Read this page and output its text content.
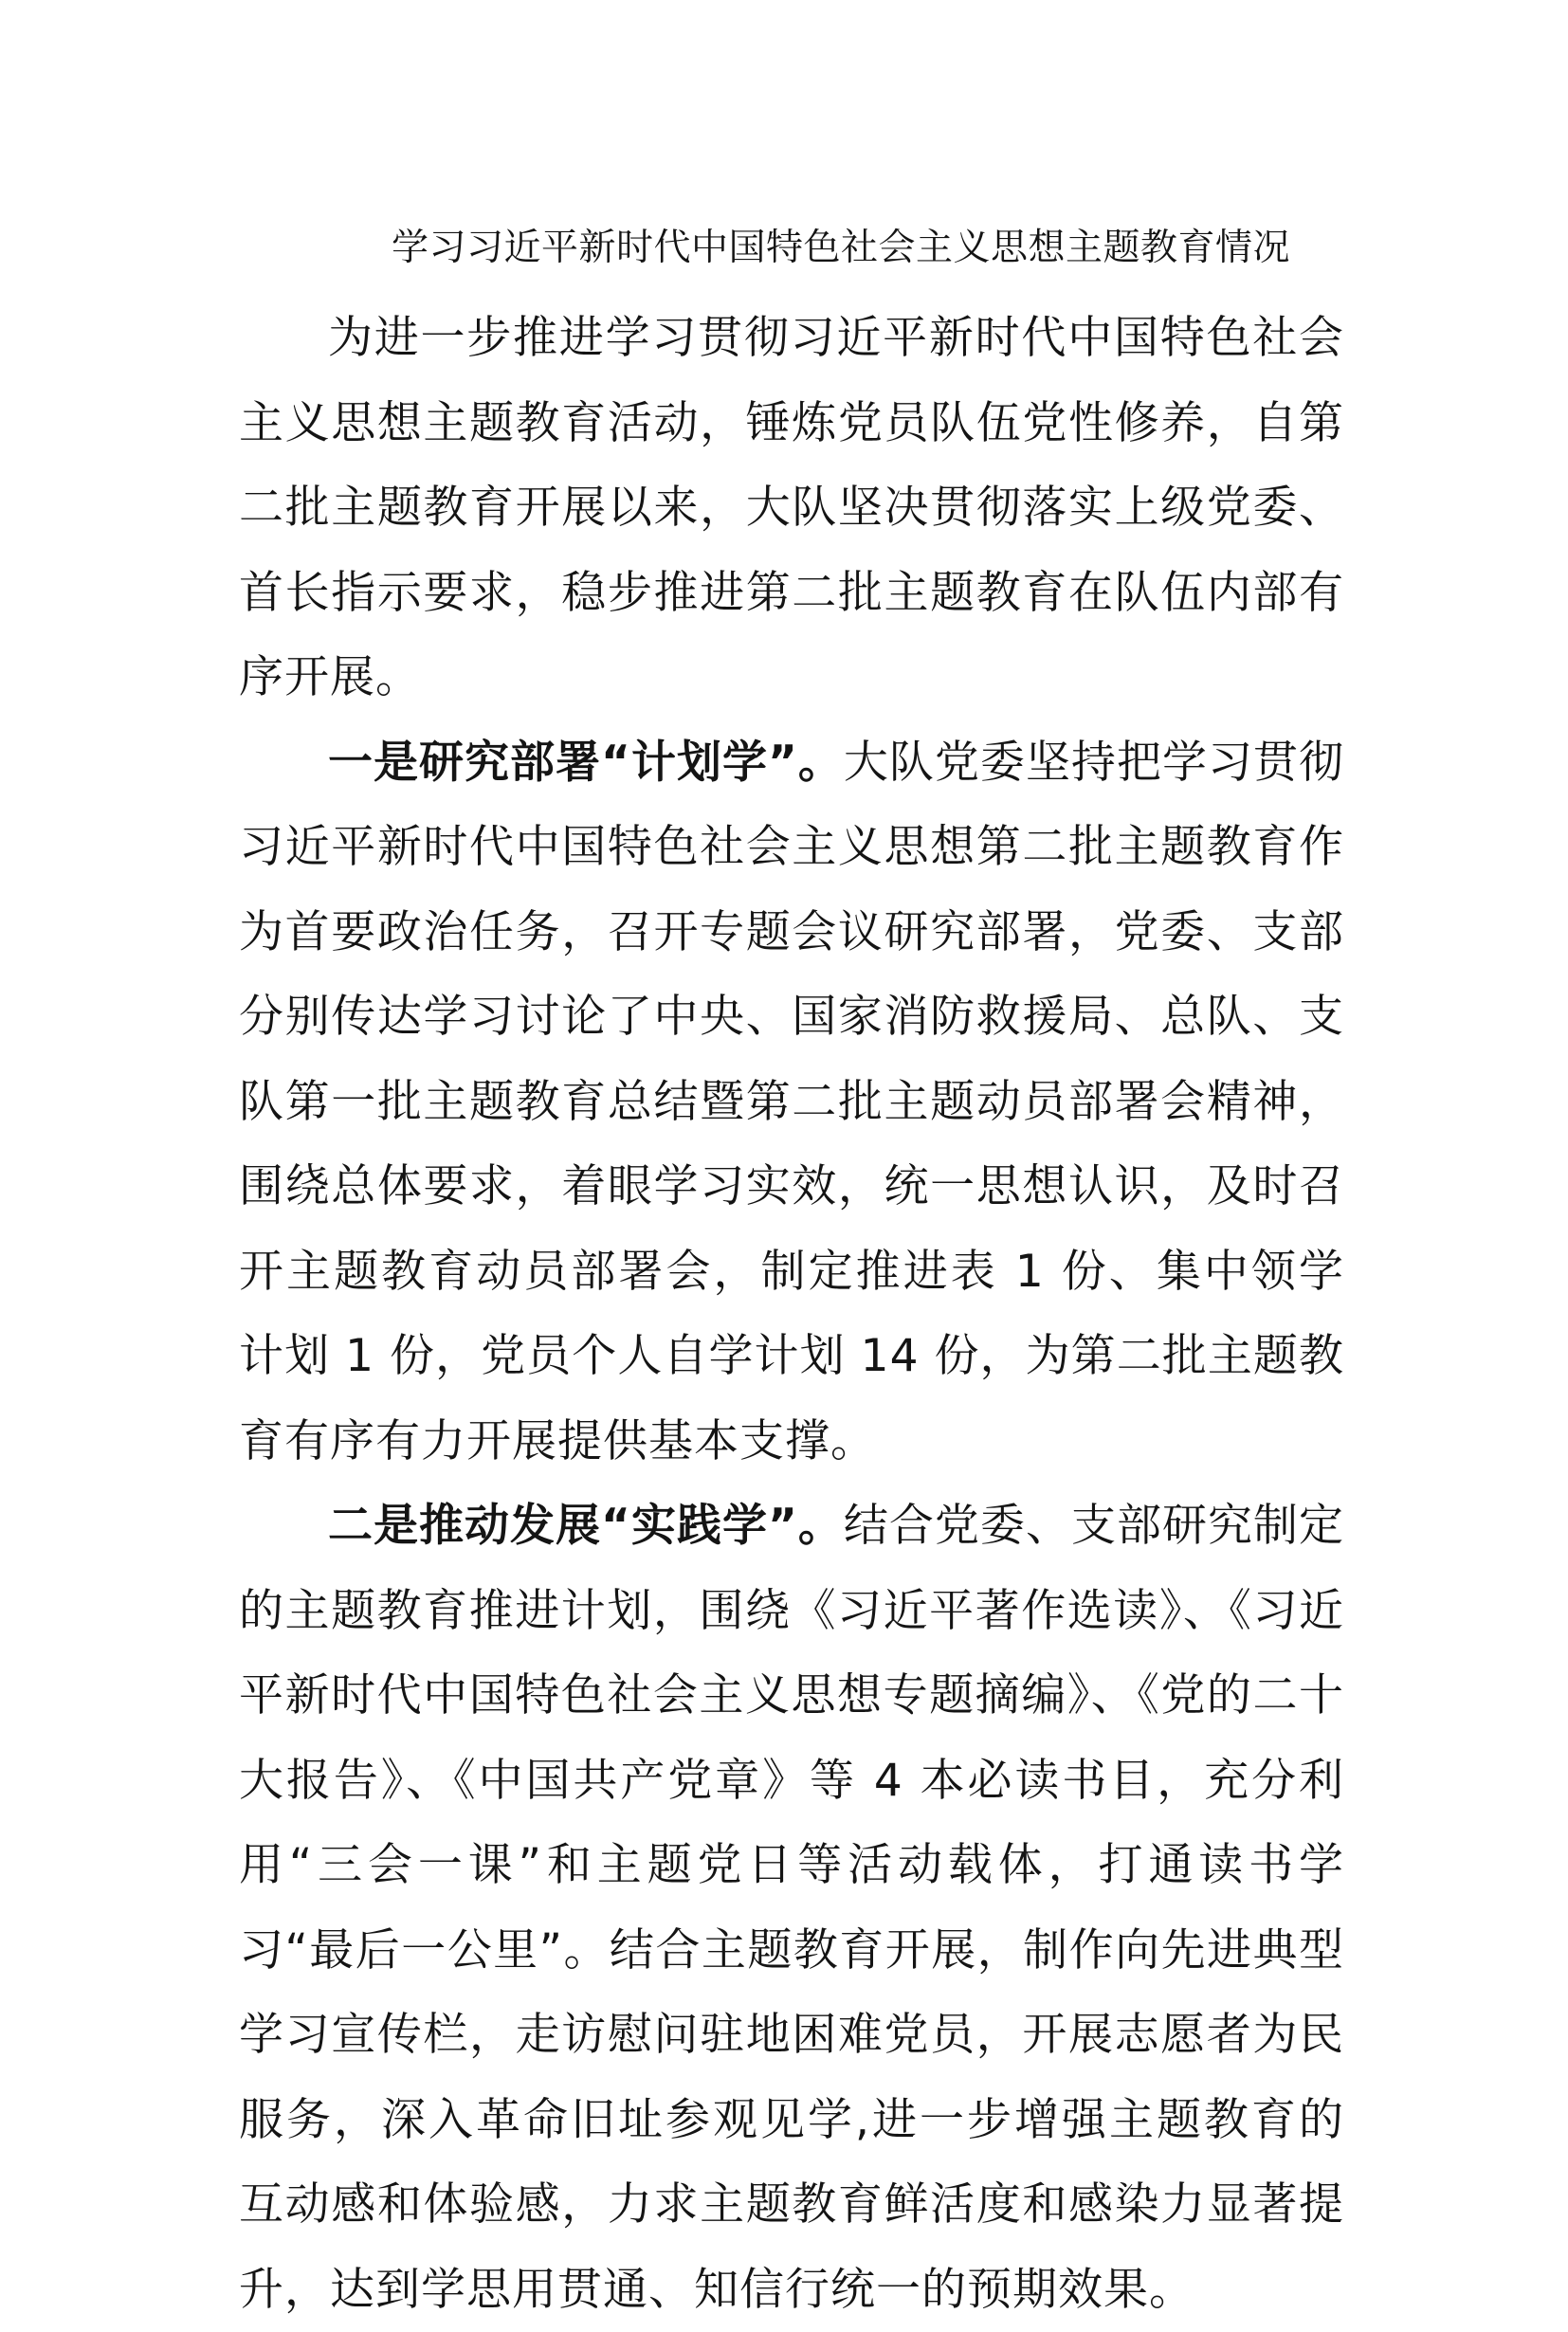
学习习近平新时代中国特色社会主义思想主题教育情况

为进一步推进学习贯彻习近平新时代中国特色社会主义思想主题教育活动，锤炼党员队伍党性修养，自第二批主题教育开展以来，大队坚决贯彻落实上级党委、首长指示要求，稳步推进第二批主题教育在队伍内部有序开展。

一是研究部署“计划学”。大队党委坚持把学习贯彻习近平新时代中国特色社会主义思想第二批主题教育作为首要政治任务，召开专题会议研究部署，党委、支部分别传达学习讨论了中央、国家消防救援局、总队、支队第一批主题教育总结暨第二批主题动员部署会精神，围绕总体要求，着眼学习实效，统一思想认识，及时召开主题教育动员部署会，制定推进表 1 份、集中领学计划 1 份，党员个人自学计划 14 份，为第二批主题教育有序有力开展提供基本支撑。

二是推动发展“实践学”。结合党委、支部研究制定的主题教育推进计划，围绕《习近平著作选读》、《习近平新时代中国特色社会主义思想专题摘编》、《党的二十大报告》、《中国共产党章》等 4 本必读书目，充分利用“三会一课”和主题党日等活动载体，打通读书学习“最后一公里”。结合主题教育开展，制作向先进典型学习宣传栏，走访慰问驻地困难党员，开展志愿者为民服务，深入革命旧址参观见学,进一步增强主题教育的互动感和体验感，力求主题教育鲜活度和感染力显著提升，达到学思用贯通、知信行统一的预期效果。
